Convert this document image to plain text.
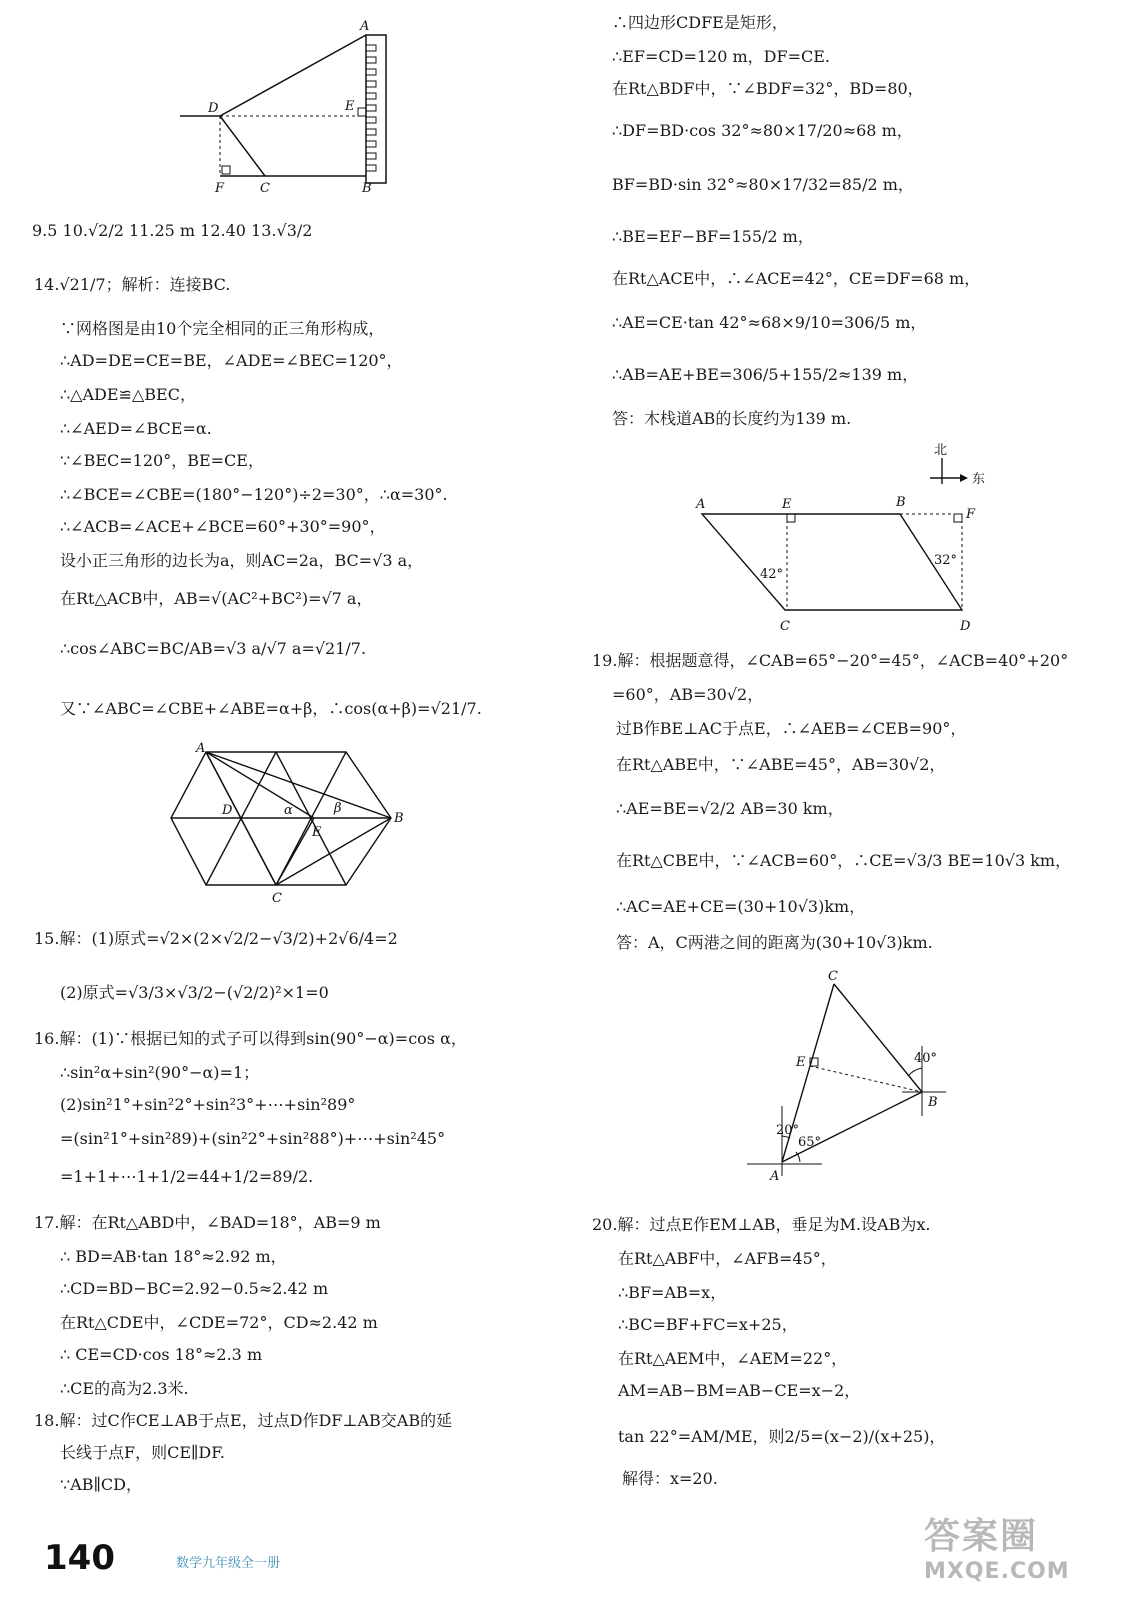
A
D	E
F	C	B
9.5 10.√2/2 11.25 m 12.40 13.√3/2
14.√21/7；解析：连接BC.
∵网格图是由10个完全相同的正三角形构成，
∴AD=DE=CE=BE，∠ADE=∠BEC=120°，
∴△ADE≌△BEC，
∴∠AED=∠BCE=α.
∵∠BEC=120°，BE=CE，
∴∠BCE=∠CBE=(180°−120°)÷2=30°，∴α=30°.
∴∠ACB=∠ACE+∠BCE=60°+30°=90°，
设小正三角形的边长为a，则AC=2a，BC=√3 a，
在Rt△ACB中，AB=√(AC²+BC²)=√7 a，
∴cos∠ABC=BC/AB=√3 a/√7 a=√21/7.
又∵∠ABC=∠CBE+∠ABE=α+β，∴cos(α+β)=√21/7.
A
D	α	β
E
B
C
15.解：(1)原式=√2×(2×√2/2−√3/2)+2√6/4=2
(2)原式=√3/3×√3/2−(√2/2)²×1=0
16.解：(1)∵根据已知的式子可以得到sin(90°−α)=cos α，
∴sin²α+sin²(90°−α)=1；
(2)sin²1°+sin²2°+sin²3°+⋯+sin²89°
=(sin²1°+sin²89)+(sin²2°+sin²88°)+⋯+sin²45°
=1+1+⋯1+1/2=44+1/2=89/2.
17.解：在Rt△ABD中，∠BAD=18°，AB=9 m
∴ BD=AB·tan 18°≈2.92 m，
∴CD=BD−BC=2.92−0.5≈2.42 m
在Rt△CDE中，∠CDE=72°，CD≈2.42 m
∴ CE=CD·cos 18°≈2.3 m
∴CE的高为2.3米.
18.解：过C作CE⊥AB于点E，过点D作DF⊥AB交AB的延
长线于点F，则CE∥DF.
∵AB∥CD，
∴四边形CDFE是矩形，
∴EF=CD=120 m，DF=CE.
在Rt△BDF中，∵∠BDF=32°，BD=80，
∴DF=BD·cos 32°≈80×17/20≈68 m，
BF=BD·sin 32°≈80×17/32=85/2 m，
∴BE=EF−BF=155/2 m，
在Rt△ACE中，∴∠ACE=42°，CE=DF=68 m，
∴AE=CE·tan 42°≈68×9/10=306/5 m，
∴AB=AE+BE=306/5+155/2≈139 m，
答：木栈道AB的长度约为139 m.
北
东
A	E	B
F
42°
32°
C	D
19.解：根据题意得，∠CAB=65°−20°=45°，∠ACB=40°+20°
=60°，AB=30√2，
过B作BE⊥AC于点E，∴∠AEB=∠CEB=90°，
在Rt△ABE中，∵∠ABE=45°，AB=30√2，
∴AE=BE=√2/2 AB=30 km，
在Rt△CBE中，∵∠ACB=60°，∴CE=√3/3 BE=10√3 km，
∴AC=AE+CE=(30+10√3)km，
答：A，C两港之间的距离为(30+10√3)km.
C
E	40°
B
20°
65°
A
20.解：过点E作EM⊥AB，垂足为M.设AB为x.
在Rt△ABF中，∠AFB=45°，
∴BF=AB=x，
∴BC=BF+FC=x+25，
在Rt△AEM中，∠AEM=22°，
AM=AB−BM=AB−CE=x−2，
tan 22°=AM/ME，则2/5=(x−2)/(x+25)，
解得：x=20.
140	数学九年级全一册
答案圈
MXQE.COM
